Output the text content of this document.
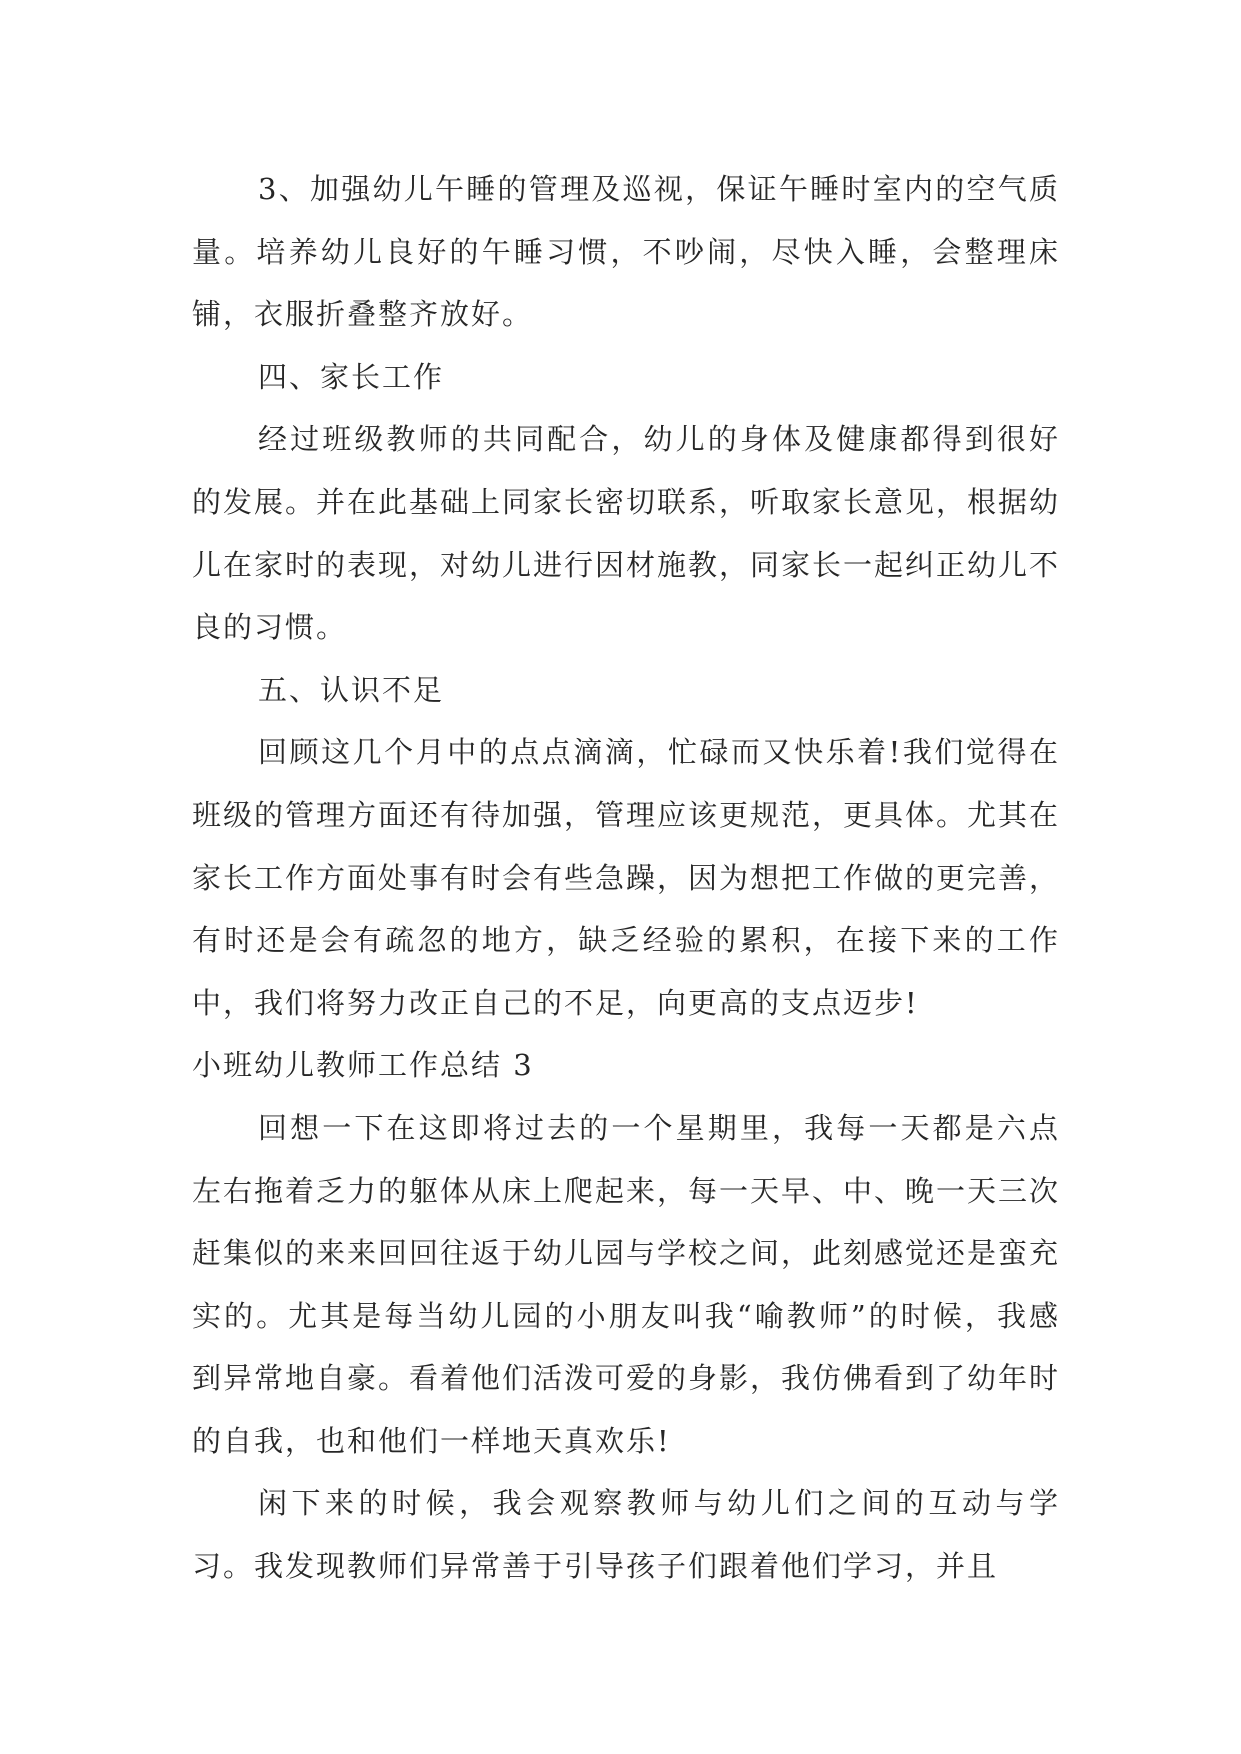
3、加强幼儿午睡的管理及巡视，保证午睡时室内的空气质量。培养幼儿良好的午睡习惯，不吵闹，尽快入睡，会整理床铺，衣服折叠整齐放好。

四、家长工作

经过班级教师的共同配合，幼儿的身体及健康都得到很好的发展。并在此基础上同家长密切联系，听取家长意见，根据幼儿在家时的表现，对幼儿进行因材施教，同家长一起纠正幼儿不良的习惯。

五、认识不足

回顾这几个月中的点点滴滴，忙碌而又快乐着!我们觉得在班级的管理方面还有待加强，管理应该更规范，更具体。尤其在家长工作方面处事有时会有些急躁，因为想把工作做的更完善，有时还是会有疏忽的地方，缺乏经验的累积，在接下来的工作中，我们将努力改正自己的不足，向更高的支点迈步!

小班幼儿教师工作总结 3

回想一下在这即将过去的一个星期里，我每一天都是六点左右拖着乏力的躯体从床上爬起来，每一天早、中、晚一天三次赶集似的来来回回往返于幼儿园与学校之间，此刻感觉还是蛮充实的。尤其是每当幼儿园的小朋友叫我“喻教师”的时候，我感到异常地自豪。看着他们活泼可爱的身影，我仿佛看到了幼年时的自我，也和他们一样地天真欢乐!

闲下来的时候，我会观察教师与幼儿们之间的互动与学习。我发现教师们异常善于引导孩子们跟着他们学习，并且
